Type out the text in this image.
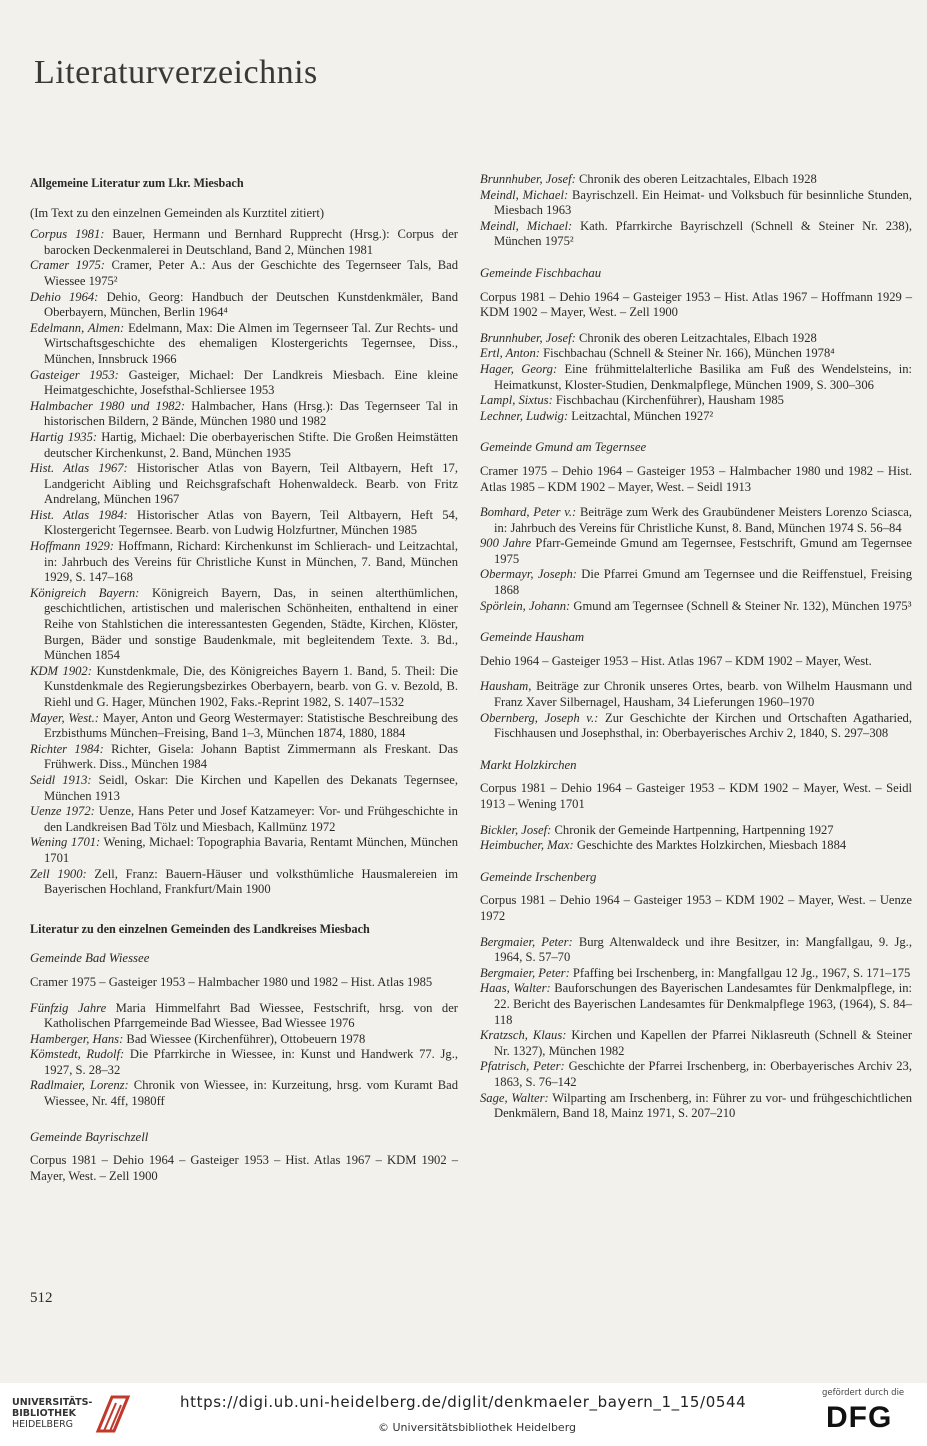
Literaturverzeichnis
Allgemeine Literatur zum Lkr. Miesbach

(Im Text zu den einzelnen Gemeinden als Kurztitel zitiert)

Corpus 1981: Bauer, Hermann und Bernhard Rupprecht (Hrsg.): Corpus der barocken Deckenmalerei in Deutschland, Band 2, München 1981

Cramer 1975: Cramer, Peter A.: Aus der Geschichte des Tegernseer Tals, Bad Wiessee 1975²

Dehio 1964: Dehio, Georg: Handbuch der Deutschen Kunstdenkmäler, Band Oberbayern, München, Berlin 1964⁴

Edelmann, Almen: Edelmann, Max: Die Almen im Tegernseer Tal. Zur Rechts- und Wirtschaftsgeschichte des ehemaligen Klostergerichts Tegernsee, Diss., München, Innsbruck 1966

Gasteiger 1953: Gasteiger, Michael: Der Landkreis Miesbach. Eine kleine Heimatgeschichte, Josefsthal-Schliersee 1953

Halmbacher 1980 und 1982: Halmbacher, Hans (Hrsg.): Das Tegernseer Tal in historischen Bildern, 2 Bände, München 1980 und 1982

Hartig 1935: Hartig, Michael: Die oberbayerischen Stifte. Die Großen Heimstätten deutscher Kirchenkunst, 2. Band, München 1935

Hist. Atlas 1967: Historischer Atlas von Bayern, Teil Altbayern, Heft 17, Landgericht Aibling und Reichsgrafschaft Hohenwaldeck. Bearb. von Fritz Andrelang, München 1967

Hist. Atlas 1984: Historischer Atlas von Bayern, Teil Altbayern, Heft 54, Klostergericht Tegernsee. Bearb. von Ludwig Holzfurtner, München 1985

Hoffmann 1929: Hoffmann, Richard: Kirchenkunst im Schlierach- und Leitzachtal, in: Jahrbuch des Vereins für Christliche Kunst in München, 7. Band, München 1929, S. 147–168

Königreich Bayern: Königreich Bayern, Das, in seinen alterthümlichen, geschichtlichen, artistischen und malerischen Schönheiten, enthaltend in einer Reihe von Stahlstichen die interessantesten Gegenden, Städte, Kirchen, Klöster, Burgen, Bäder und sonstige Baudenkmale, mit begleitendem Texte. 3. Bd., München 1854

KDM 1902: Kunstdenkmale, Die, des Königreiches Bayern 1. Band, 5. Theil: Die Kunstdenkmale des Regierungsbezirkes Oberbayern, bearb. von G. v. Bezold, B. Riehl und G. Hager, München 1902, Faks.-Reprint 1982, S. 1407–1532

Mayer, West.: Mayer, Anton und Georg Westermayer: Statistische Beschreibung des Erzbisthums München–Freising, Band 1–3, München 1874, 1880, 1884

Richter 1984: Richter, Gisela: Johann Baptist Zimmermann als Freskant. Das Frühwerk. Diss., München 1984

Seidl 1913: Seidl, Oskar: Die Kirchen und Kapellen des Dekanats Tegernsee, München 1913

Uenze 1972: Uenze, Hans Peter und Josef Katzameyer: Vor- und Frühgeschichte in den Landkreisen Bad Tölz und Miesbach, Kallmünz 1972

Wening 1701: Wening, Michael: Topographia Bavaria, Rentamt München, München 1701

Zell 1900: Zell, Franz: Bauern-Häuser und volksthümliche Hausmalereien im Bayerischen Hochland, Frankfurt/Main 1900

Literatur zu den einzelnen Gemeinden des Landkreises Miesbach
Gemeinde Bad Wiessee

Cramer 1975 – Gasteiger 1953 – Halmbacher 1980 und 1982 – Hist. Atlas 1985

Fünfzig Jahre Maria Himmelfahrt Bad Wiessee, Festschrift, hrsg. von der Katholischen Pfarrgemeinde Bad Wiessee, Bad Wiessee 1976

Hamberger, Hans: Bad Wiessee (Kirchenführer), Ottobeuern 1978

Kömstedt, Rudolf: Die Pfarrkirche in Wiessee, in: Kunst und Handwerk 77. Jg., 1927, S. 28–32

Radlmaier, Lorenz: Chronik von Wiessee, in: Kurzeitung, hrsg. vom Kuramt Bad Wiessee, Nr. 4ff, 1980ff

Gemeinde Bayrischzell

Corpus 1981 – Dehio 1964 – Gasteiger 1953 – Hist. Atlas 1967 – KDM 1902 – Mayer, West. – Zell 1900

Brunnhuber, Josef: Chronik des oberen Leitzachtales, Elbach 1928

Meindl, Michael: Bayrischzell. Ein Heimat- und Volksbuch für besinnliche Stunden, Miesbach 1963

Meindl, Michael: Kath. Pfarrkirche Bayrischzell (Schnell & Steiner Nr. 238), München 1975²

Gemeinde Fischbachau

Corpus 1981 – Dehio 1964 – Gasteiger 1953 – Hist. Atlas 1967 – Hoffmann 1929 – KDM 1902 – Mayer, West. – Zell 1900

Brunnhuber, Josef: Chronik des oberen Leitzachtales, Elbach 1928

Ertl, Anton: Fischbachau (Schnell & Steiner Nr. 166), München 1978⁴

Hager, Georg: Eine frühmittelalterliche Basilika am Fuß des Wendelsteins, in: Heimatkunst, Kloster-Studien, Denkmalpflege, München 1909, S. 300–306

Lampl, Sixtus: Fischbachau (Kirchenführer), Hausham 1985

Lechner, Ludwig: Leitzachtal, München 1927²

Gemeinde Gmund am Tegernsee

Cramer 1975 – Dehio 1964 – Gasteiger 1953 – Halmbacher 1980 und 1982 – Hist. Atlas 1985 – KDM 1902 – Mayer, West. – Seidl 1913

Bomhard, Peter v.: Beiträge zum Werk des Graubündener Meisters Lorenzo Sciasca, in: Jahrbuch des Vereins für Christliche Kunst, 8. Band, München 1974 S. 56–84

900 Jahre Pfarr-Gemeinde Gmund am Tegernsee, Festschrift, Gmund am Tegernsee 1975

Obermayr, Joseph: Die Pfarrei Gmund am Tegernsee und die Reiffenstuel, Freising 1868

Spörlein, Johann: Gmund am Tegernsee (Schnell & Steiner Nr. 132), München 1975³

Gemeinde Hausham

Dehio 1964 – Gasteiger 1953 – Hist. Atlas 1967 – KDM 1902 – Mayer, West.

Hausham, Beiträge zur Chronik unseres Ortes, bearb. von Wilhelm Hausmann und Franz Xaver Silbernagel, Hausham, 34 Lieferungen 1960–1970

Obernberg, Joseph v.: Zur Geschichte der Kirchen und Ortschaften Agatharied, Fischhausen und Josephsthal, in: Oberbayerisches Archiv 2, 1840, S. 297–308

Markt Holzkirchen

Corpus 1981 – Dehio 1964 – Gasteiger 1953 – KDM 1902 – Mayer, West. – Seidl 1913 – Wening 1701

Bickler, Josef: Chronik der Gemeinde Hartpenning, Hartpenning 1927

Heimbucher, Max: Geschichte des Marktes Holzkirchen, Miesbach 1884

Gemeinde Irschenberg

Corpus 1981 – Dehio 1964 – Gasteiger 1953 – KDM 1902 – Mayer, West. – Uenze 1972

Bergmaier, Peter: Burg Altenwaldeck und ihre Besitzer, in: Mangfallgau, 9. Jg., 1964, S. 57–70

Bergmaier, Peter: Pfaffing bei Irschenberg, in: Mangfallgau 12 Jg., 1967, S. 171–175

Haas, Walter: Bauforschungen des Bayerischen Landesamtes für Denkmalpflege, in: 22. Bericht des Bayerischen Landesamtes für Denkmalpflege 1963, (1964), S. 84–118

Kratzsch, Klaus: Kirchen und Kapellen der Pfarrei Niklasreuth (Schnell & Steiner Nr. 1327), München 1982

Pfatrisch, Peter: Geschichte der Pfarrei Irschenberg, in: Oberbayerisches Archiv 23, 1863, S. 76–142

Sage, Walter: Wilparting am Irschenberg, in: Führer zu vor- und frühgeschichtlichen Denkmälern, Band 18, Mainz 1971, S. 207–210

512
UNIVERSITÄTS-
BIBLIOTHEK
HEIDELBERG
https://digi.ub.uni-heidelberg.de/diglit/denkmaeler_bayern_1_15/0544
© Universitätsbibliothek Heidelberg
gefördert durch die
DFG
